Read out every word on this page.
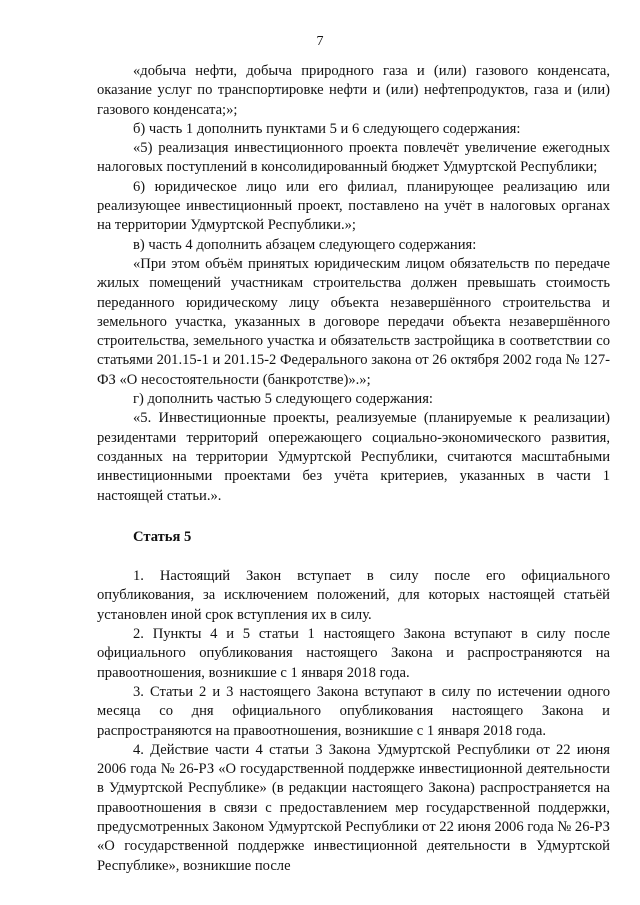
7

«добыча нефти, добыча природного газа и (или) газового конденсата, оказание услуг по транспортировке нефти и (или) нефтепродуктов, газа и (или) газового конденсата;»;

б) часть 1 дополнить пунктами 5 и 6 следующего содержания:

«5) реализация инвестиционного проекта повлечёт увеличение ежегодных налоговых поступлений в консолидированный бюджет Удмуртской Республики;

6) юридическое лицо или его филиал, планирующее реализацию или реализующее инвестиционный проект, поставлено на учёт в налоговых органах на территории Удмуртской Республики.»;

в) часть 4 дополнить абзацем следующего содержания:

«При этом объём принятых юридическим лицом обязательств по передаче жилых помещений участникам строительства должен превышать стоимость переданного юридическому лицу объекта незавершённого строительства и земельного участка, указанных в договоре передачи объекта незавершённого строительства, земельного участка и обязательств застройщика в соответствии со статьями 201.15-1 и 201.15-2 Федерального закона от 26 октября 2002 года № 127-ФЗ «О несостоятельности (банкротстве)».»;

г) дополнить частью 5 следующего содержания:

«5. Инвестиционные проекты, реализуемые (планируемые к реализации) резидентами территорий опережающего социально-экономического развития, созданных на территории Удмуртской Республики, считаются масштабными инвестиционными проектами без учёта критериев, указанных в части 1 настоящей статьи.».

Статья 5

1. Настоящий Закон вступает в силу после его официального опубликования, за исключением положений, для которых настоящей статьёй установлен иной срок вступления их в силу.

2. Пункты 4 и 5 статьи 1 настоящего Закона вступают в силу после официального опубликования настоящего Закона и распространяются на правоотношения, возникшие с 1 января 2018 года.

3. Статьи 2 и 3 настоящего Закона вступают в силу по истечении одного месяца со дня официального опубликования настоящего Закона и распространяются на правоотношения, возникшие с 1 января 2018 года.

4. Действие части 4 статьи 3 Закона Удмуртской Республики от 22 июня 2006 года № 26-РЗ «О государственной поддержке инвестиционной деятельности в Удмуртской Республике» (в редакции настоящего Закона) распространяется на правоотношения в связи с предоставлением мер государственной поддержки, предусмотренных Законом Удмуртской Республики от 22 июня 2006 года № 26-РЗ «О государственной поддержке инвестиционной деятельности в Удмуртской Республике», возникшие после
